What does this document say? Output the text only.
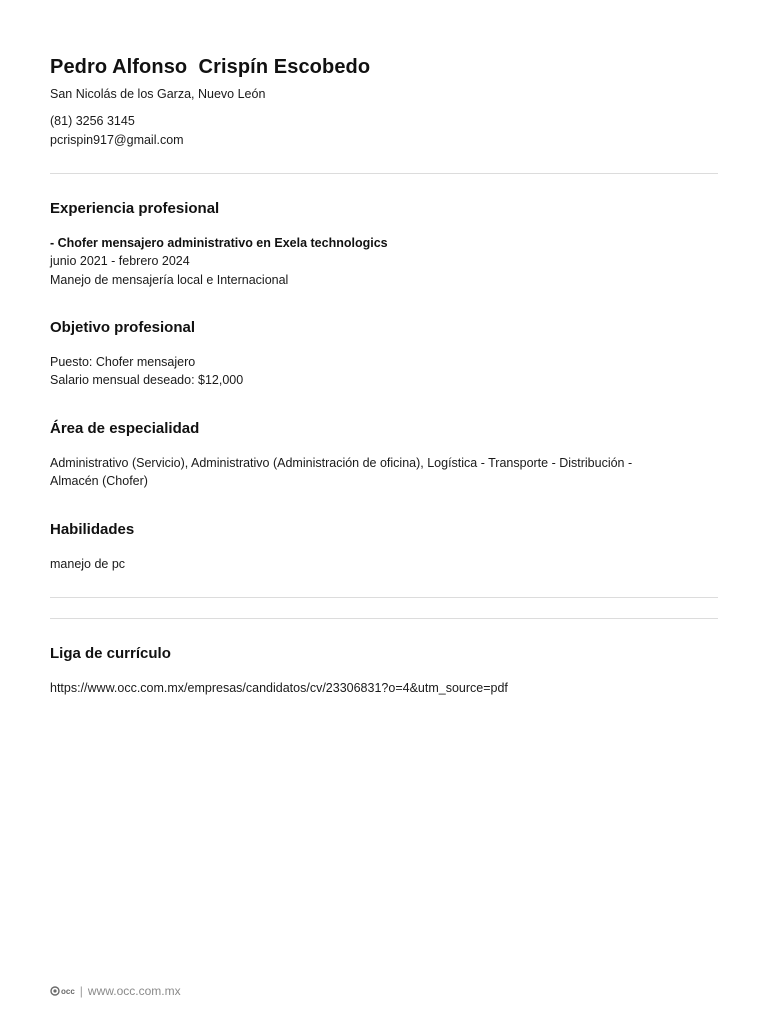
Pedro Alfonso  Crispín Escobedo
San Nicolás de los Garza, Nuevo León
(81) 3256 3145
pcrispin917@gmail.com
Experiencia profesional
- Chofer mensajero administrativo en Exela technologics
junio 2021 - febrero 2024
Manejo de mensajería local e Internacional
Objetivo profesional
Puesto: Chofer mensajero
Salario mensual deseado: $12,000
Área de especialidad
Administrativo (Servicio), Administrativo (Administración de oficina), Logística - Transporte - Distribución -
Almacén (Chofer)
Habilidades
manejo de pc
Liga de currículo
https://www.occ.com.mx/empresas/candidatos/cv/23306831?o=4&utm_source=pdf
occ | www.occ.com.mx
